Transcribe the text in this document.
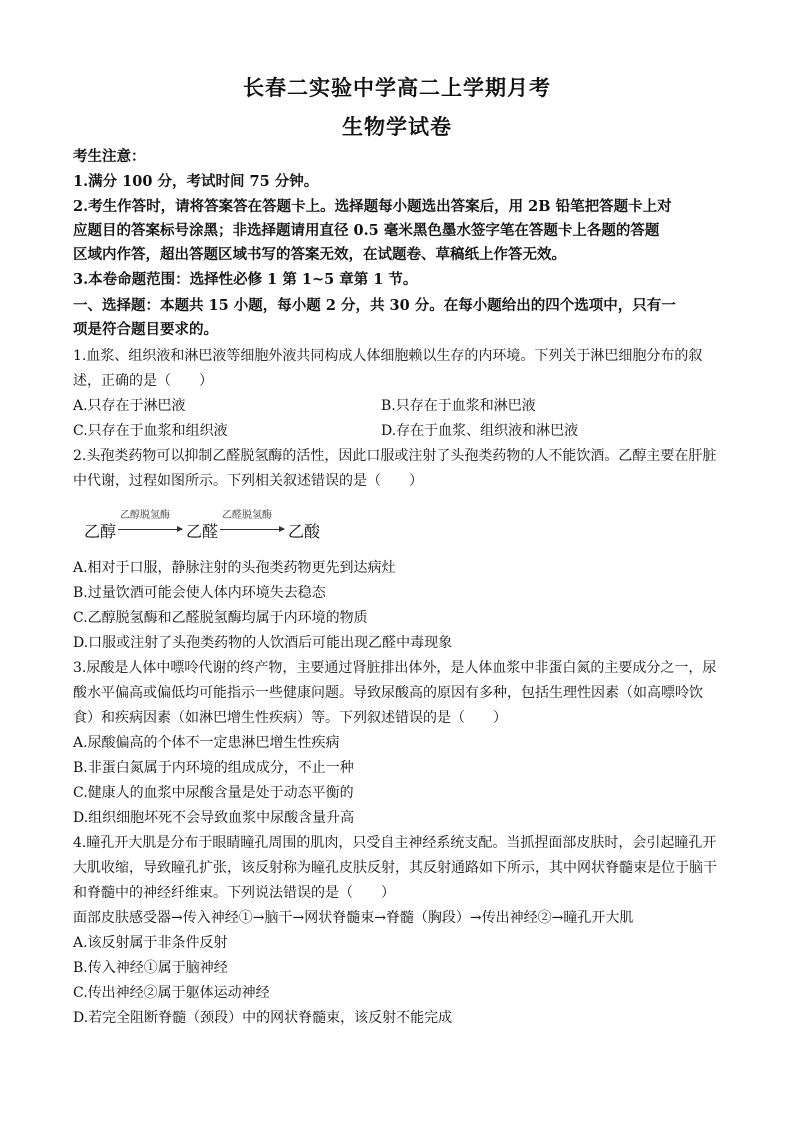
长春二实验中学高二上学期月考
生物学试卷
考生注意：
1.满分 100 分，考试时间 75 分钟。
2.考生作答时，请将答案答在答题卡上。选择题每小题选出答案后，用 2B 铅笔把答题卡上对
应题目的答案标号涂黑；非选择题请用直径 0.5 毫米黑色墨水签字笔在答题卡上各题的答题
区域内作答，超出答题区域书写的答案无效，在试题卷、草稿纸上作答无效。
3.本卷命题范围：选择性必修 1 第 1~5 章第 1 节。
一、选择题：本题共 15 小题，每小题 2 分，共 30 分。在每小题给出的四个选项中，只有一
项是符合题目要求的。
1.血浆、组织液和淋巴液等细胞外液共同构成人体细胞赖以生存的内环境。下列关于淋巴细胞分布的叙
述，正确的是（　　）
A.只存在于淋巴液	B.只存在于血浆和淋巴液
C.只存在于血浆和组织液	D.存在于血浆、组织液和淋巴液
2.头孢类药物可以抑制乙醛脱氢酶的活性，因此口服或注射了头孢类药物的人不能饮酒。乙醇主要在肝脏
中代谢，过程如图所示。下列相关叙述错误的是（　　）
乙醇
乙醇脱氢酶
乙醛
乙醛脱氢酶
乙酸
A.相对于口服，静脉注射的头孢类药物更先到达病灶
B.过量饮酒可能会使人体内环境失去稳态
C.乙醇脱氢酶和乙醛脱氢酶均属于内环境的物质
D.口服或注射了头孢类药物的人饮酒后可能出现乙醛中毒现象
3.尿酸是人体中嘌呤代谢的终产物，主要通过肾脏排出体外，是人体血浆中非蛋白氮的主要成分之一，尿
酸水平偏高或偏低均可能指示一些健康问题。导致尿酸高的原因有多种，包括生理性因素（如高嘌呤饮
食）和疾病因素（如淋巴增生性疾病）等。下列叙述错误的是（　　）
A.尿酸偏高的个体不一定患淋巴增生性疾病
B.非蛋白氮属于内环境的组成成分，不止一种
C.健康人的血浆中尿酸含量是处于动态平衡的
D.组织细胞坏死不会导致血浆中尿酸含量升高
4.瞳孔开大肌是分布于眼睛瞳孔周围的肌肉，只受自主神经系统支配。当抓捏面部皮肤时，会引起瞳孔开
大肌收缩，导致瞳孔扩张，该反射称为瞳孔皮肤反射，其反射通路如下所示，其中网状脊髓束是位于脑干
和脊髓中的神经纤维束。下列说法错误的是（　　）
面部皮肤感受器→传入神经①→脑干→网状脊髓束→脊髓（胸段）→传出神经②→瞳孔开大肌
A.该反射属于非条件反射
B.传入神经①属于脑神经
C.传出神经②属于躯体运动神经
D.若完全阻断脊髓（颈段）中的网状脊髓束，该反射不能完成
